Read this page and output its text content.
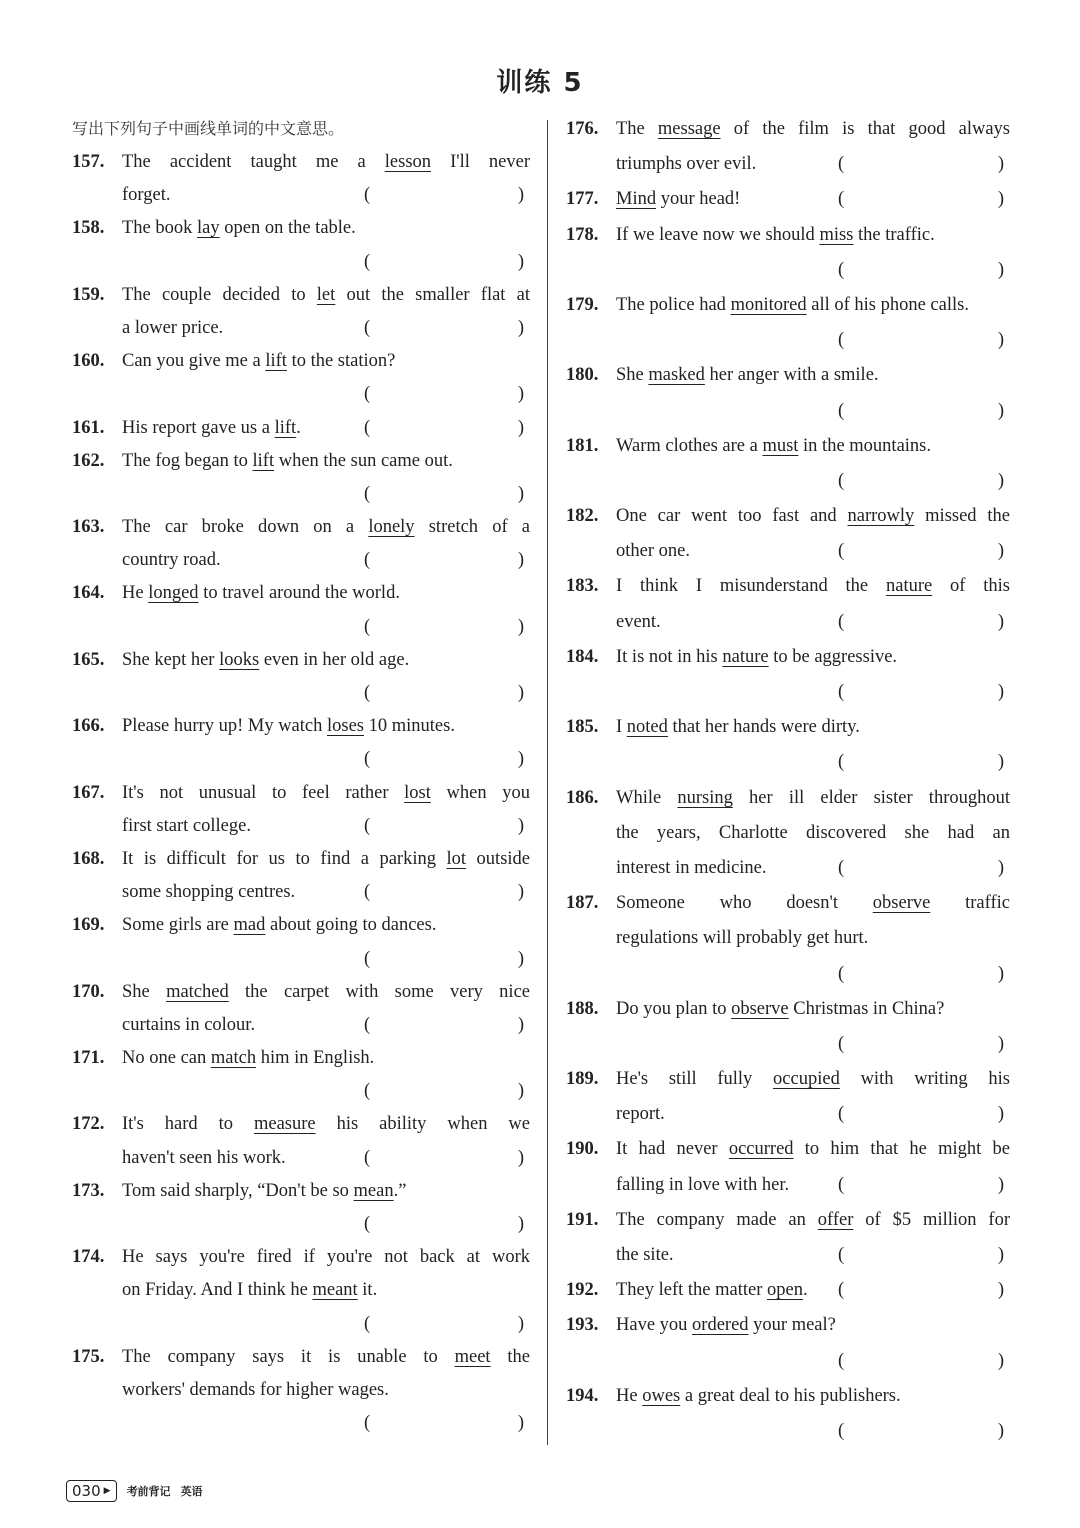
训练 5
写出下列句子中画线单词的中文意思。
157. The accident taught me a lesson I'll never
forget.	(	)
158. The book lay open on the table.
(	)
159. The couple decided to let out the smaller flat at
a lower price.	(	)
160. Can you give me a lift to the station?
(	)
161. His report gave us a lift.	(	)
162. The fog began to lift when the sun came out.
(	)
163. The car broke down on a lonely stretch of a
country road.	(	)
164. He longed to travel around the world.
(	)
165. She kept her looks even in her old age.
(	)
166. Please hurry up! My watch loses 10 minutes.
(	)
167. It's not unusual to feel rather lost when you
first start college.	(	)
168. It is difficult for us to find a parking lot outside
some shopping centres.	(	)
169. Some girls are mad about going to dances.
(	)
170. She matched the carpet with some very nice
curtains in colour.	(	)
171. No one can match him in English.
(	)
172. It's hard to measure his ability when we
haven't seen his work.	(	)
173. Tom said sharply, “Don't be so mean.”
(	)
174. He says you're fired if you're not back at work
on Friday. And I think he meant it.
(	)
175. The company says it is unable to meet the
workers' demands for higher wages.
(	)
176. The message of the film is that good always
triumphs over evil.	(	)
177. Mind your head!	(	)
178. If we leave now we should miss the traffic.
(	)
179. The police had monitored all of his phone calls.
(	)
180. She masked her anger with a smile.
(	)
181. Warm clothes are a must in the mountains.
(	)
182. One car went too fast and narrowly missed the
other one.	(	)
183. I think I misunderstand the nature of this
event.	(	)
184. It is not in his nature to be aggressive.
(	)
185. I noted that her hands were dirty.
(	)
186. While nursing her ill elder sister throughout
the years, Charlotte discovered she had an
interest in medicine.	(	)
187. Someone who doesn't observe traffic
regulations will probably get hurt.
(	)
188. Do you plan to observe Christmas in China?
(	)
189. He's still fully occupied with writing his
report.	(	)
190. It had never occurred to him that he might be
falling in love with her.	(	)
191. The company made an offer of $5 million for
the site.	(	)
192. They left the matter open.	(	)
193. Have you ordered your meal?
(	)
194. He owes a great deal to his publishers.
(	)
030 ▶ 考前背记 英语
